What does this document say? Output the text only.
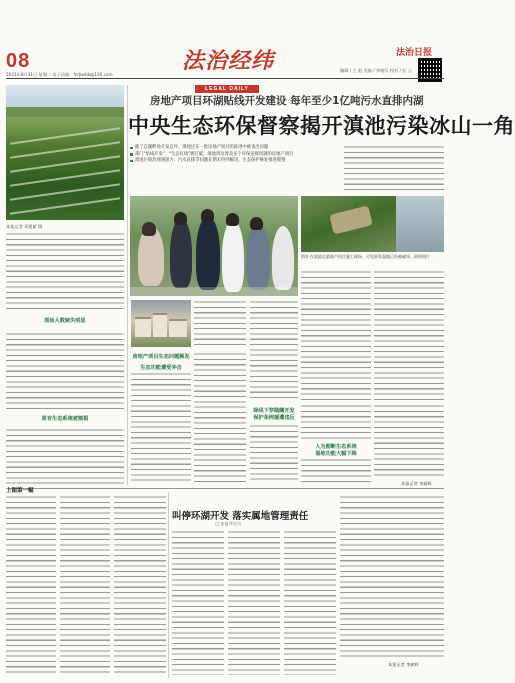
08
2021年8月31日 星期二 电子信箱：fzrbwhb@126.com
法治经纬
LEGAL DAILY
法治日报
编辑 / 王 阳 美编 / 李晓军 校对 / 杜 云
本报记者 邓建斌 摄
房地产项目环湖贴线开发建设 每年至少1亿吨污水直排内湖
中央生态环保督察揭开滇池污染冰山一角
除了在湖畔地开发以外，滇池还在一批房地产项目的推进中被查出问题
部门"贴线开发"、"生态红线"被打破，滇池周边涉及多个环保违规问题的房地产项目
滇池污染治理遇阻力，污水直排等问题长期未得到解决，生态保护修复推进缓慢
图② 在滇池边某地产项目施工现场，可见原有湿地已经被破坏。资料图片
原始人数缺失明显
原有生态系统被割裂
房地产项目生态问题频发
生态功能遭受冲击
绿线下穿隐瞒开发
保护条例屡遭违反
人为割断生态系统
湿地功能大幅下降
本报记者 李斌辉
上图第一幅
叫停环湖开发 落实属地管理责任
□ 本报评论员
本报记者 李斌辉
